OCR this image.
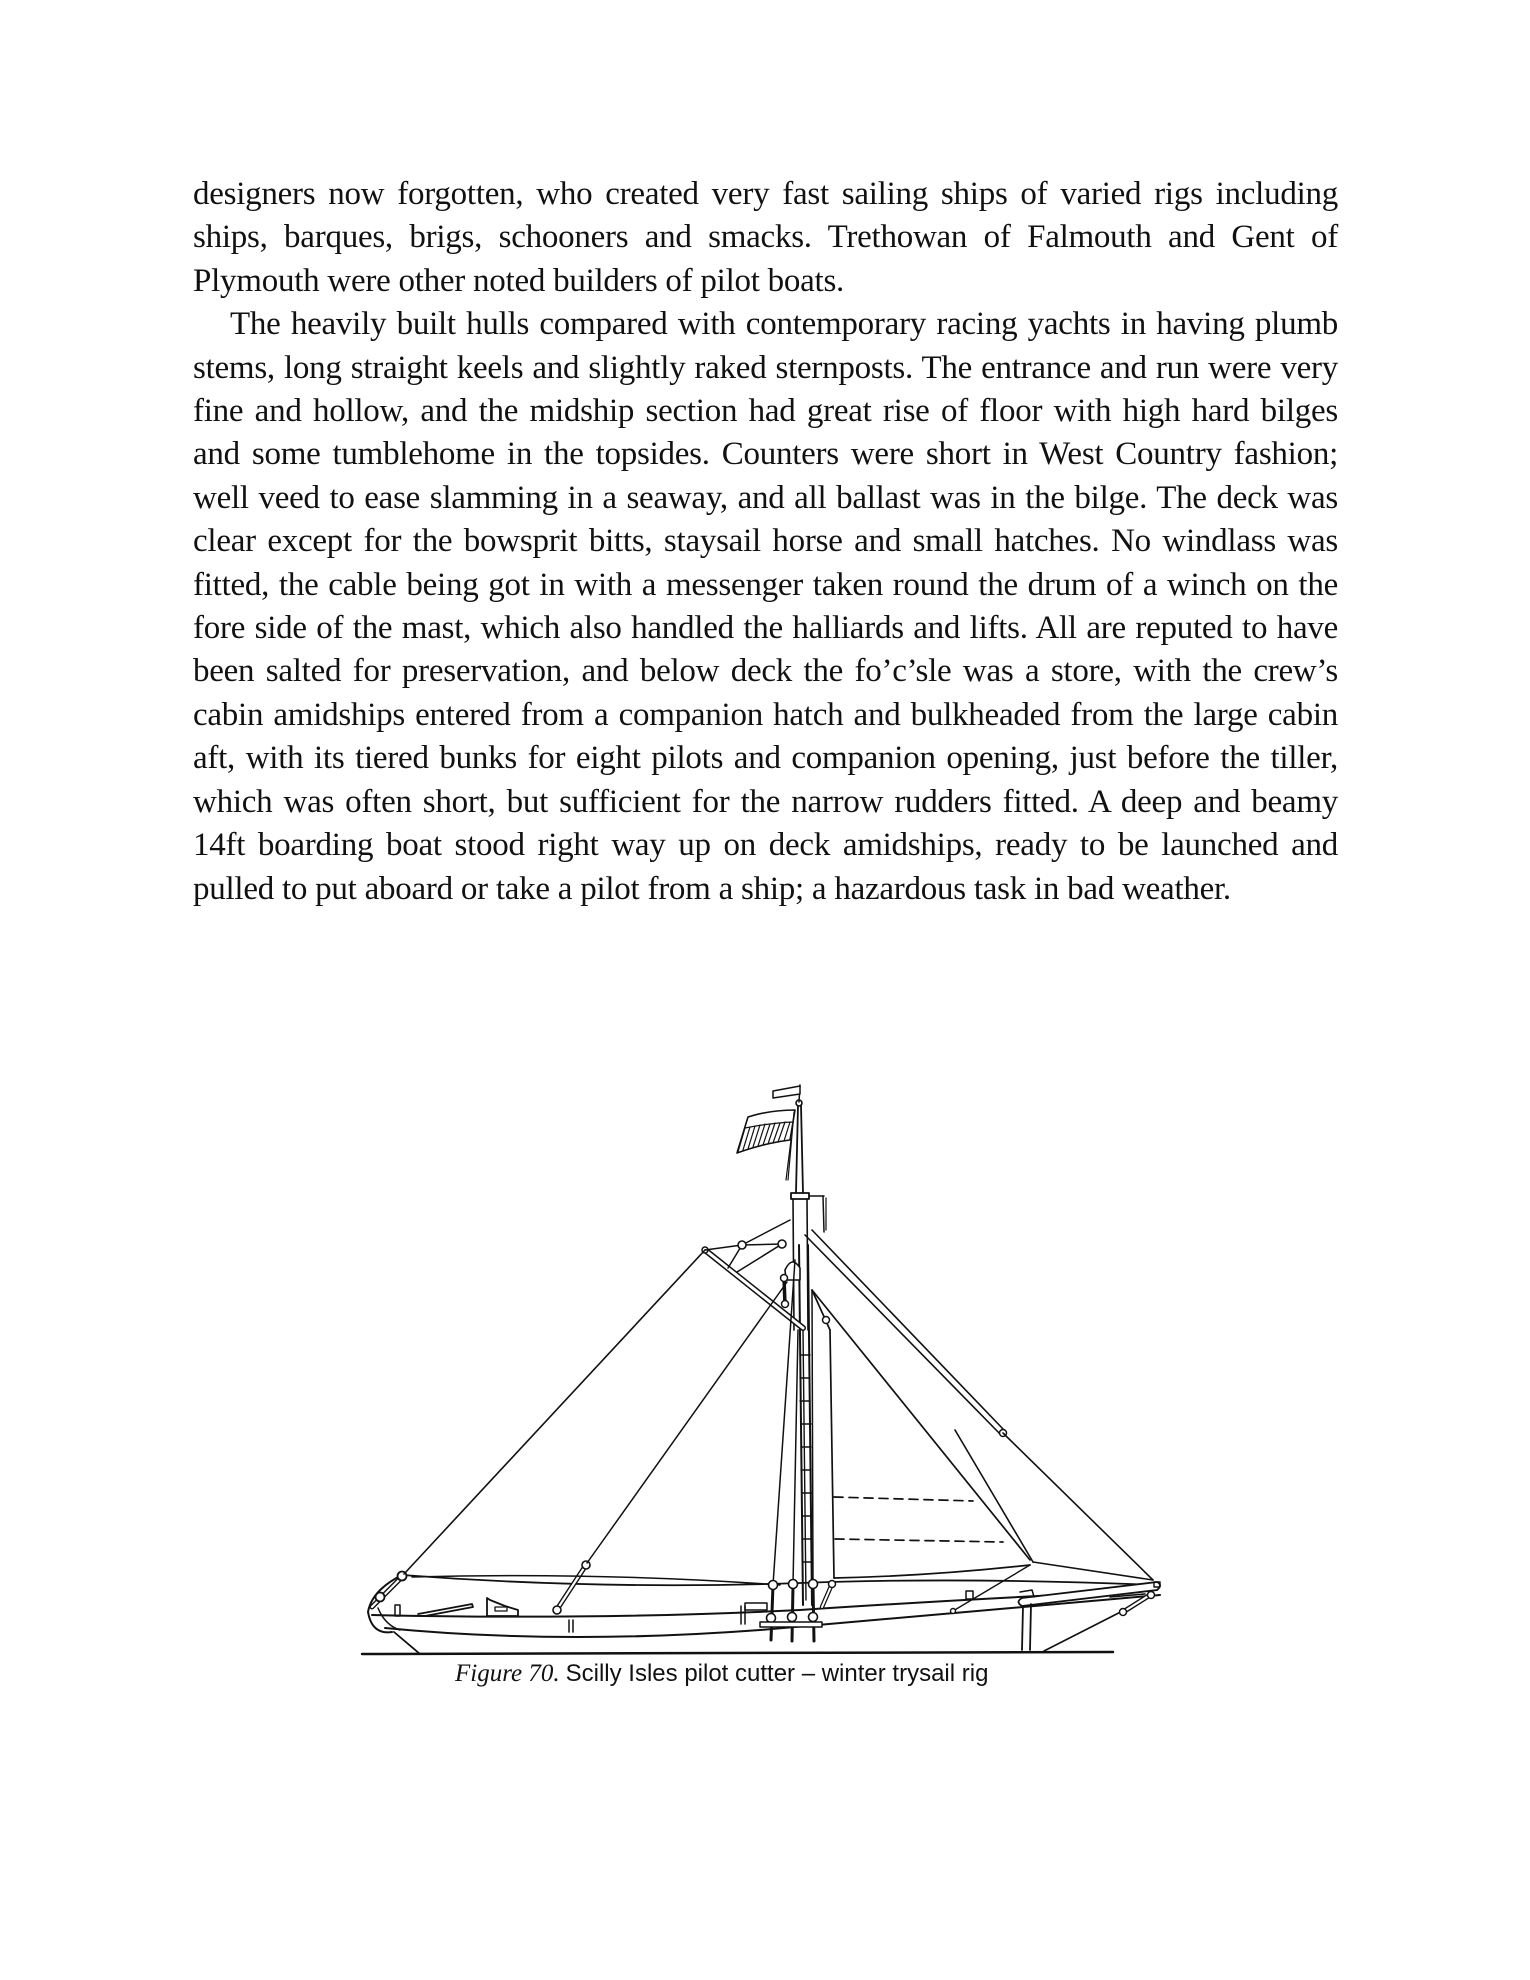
designers now forgotten, who created very fast sailing ships of varied rigs including ships, barques, brigs, schooners and smacks. Trethowan of Falmouth and Gent of Plymouth were other noted builders of pilot boats.

The heavily built hulls compared with contemporary racing yachts in having plumb stems, long straight keels and slightly raked sternposts. The entrance and run were very fine and hollow, and the midship section had great rise of floor with high hard bilges and some tumblehome in the topsides. Counters were short in West Country fashion; well veed to ease slamming in a seaway, and all ballast was in the bilge. The deck was clear except for the bowsprit bitts, staysail horse and small hatches. No windlass was fitted, the cable being got in with a messenger taken round the drum of a winch on the fore side of the mast, which also handled the halliards and lifts. All are reputed to have been salted for preservation, and below deck the fo’c’sle was a store, with the crew’s cabin amidships entered from a companion hatch and bulkheaded from the large cabin aft, with its tiered bunks for eight pilots and companion opening, just before the tiller, which was often short, but sufficient for the narrow rudders fitted. A deep and beamy 14ft boarding boat stood right way up on deck amidships, ready to be launched and pulled to put aboard or take a pilot from a ship; a hazardous task in bad weather.

Figure 70. Scilly Isles pilot cutter – winter trysail rig
